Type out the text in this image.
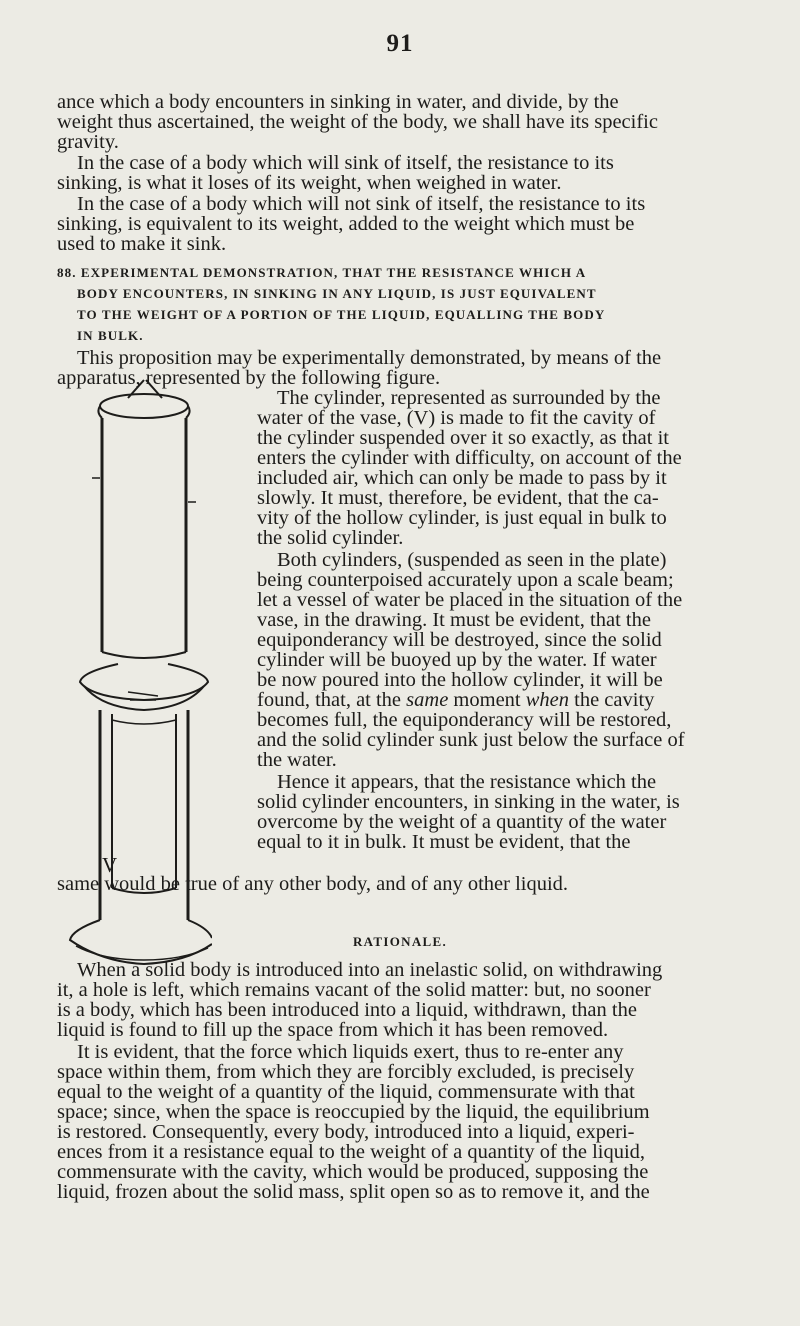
91

ance which a body encounters in sinking in water, and divide, by the
weight thus ascertained, the weight of the body, we shall have its specific
gravity.

In the case of a body which will sink of itself, the resistance to its
sinking, is what it loses of its weight, when weighed in water.

In the case of a body which will not sink of itself, the resistance to its
sinking, is equivalent to its weight, added to the weight which must be
used to make it sink.

88. EXPERIMENTAL DEMONSTRATION, THAT THE RESISTANCE WHICH A
BODY ENCOUNTERS, IN SINKING IN ANY LIQUID, IS JUST EQUIVALENT
TO THE WEIGHT OF A PORTION OF THE LIQUID, EQUALLING THE BODY
IN BULK.

This proposition may be experimentally demonstrated, by means of the
apparatus, represented by the following figure.

The cylinder, represented as surrounded by the
water of the vase, (V) is made to fit the cavity of
the cylinder suspended over it so exactly, as that it
enters the cylinder with difficulty, on account of the
included air, which can only be made to pass by it
slowly. It must, therefore, be evident, that the ca-
vity of the hollow cylinder, is just equal in bulk to
the solid cylinder.

Both cylinders, (suspended as seen in the plate)
being counterpoised accurately upon a scale beam;
let a vessel of water be placed in the situation of the
vase, in the drawing. It must be evident, that the
equiponderancy will be destroyed, since the solid
cylinder will be buoyed up by the water. If water
be now poured into the hollow cylinder, it will be
found, that, at the same moment when the cavity
becomes full, the equiponderancy will be restored,
and the solid cylinder sunk just below the surface of
the water.

Hence it appears, that the resistance which the
solid cylinder encounters, in sinking in the water, is
overcome by the weight of a quantity of the water
equal to it in bulk. It must be evident, that the

V

same would be true of any other body, and of any other liquid.

RATIONALE.

When a solid body is introduced into an inelastic solid, on withdrawing
it, a hole is left, which remains vacant of the solid matter: but, no sooner
is a body, which has been introduced into a liquid, withdrawn, than the
liquid is found to fill up the space from which it has been removed.

It is evident, that the force which liquids exert, thus to re-enter any
space within them, from which they are forcibly excluded, is precisely
equal to the weight of a quantity of the liquid, commensurate with that
space; since, when the space is reoccupied by the liquid, the equilibrium
is restored. Consequently, every body, introduced into a liquid, experi-
ences from it a resistance equal to the weight of a quantity of the liquid,
commensurate with the cavity, which would be produced, supposing the
liquid, frozen about the solid mass, split open so as to remove it, and the
